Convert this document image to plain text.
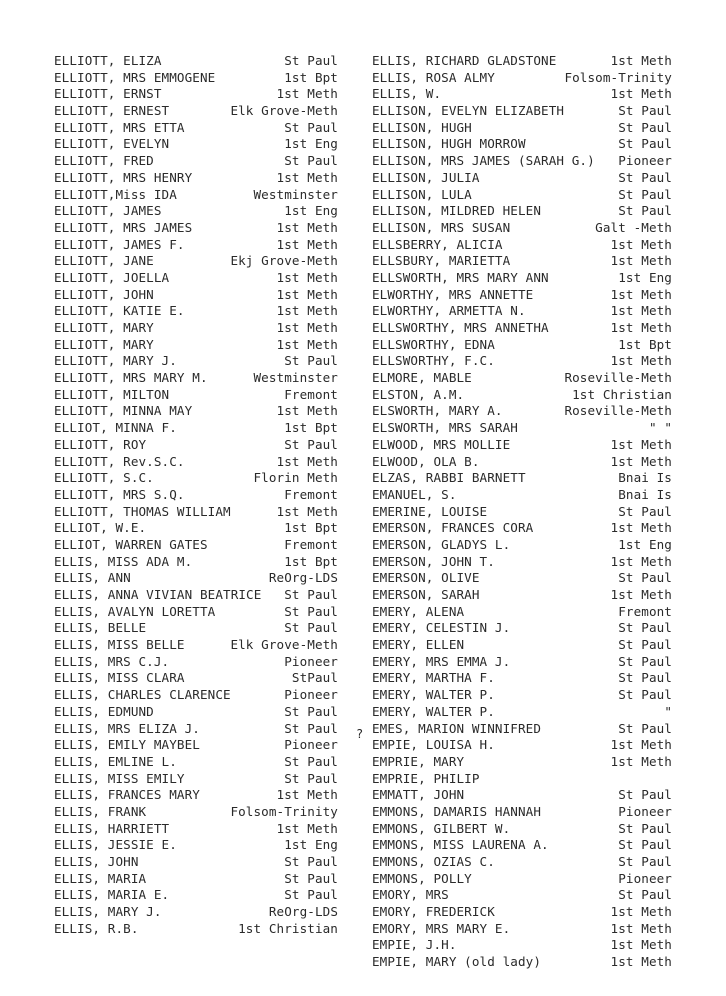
ELLIOTT, ELIZA	St Paul
ELLIOTT, MRS EMMOGENE	1st Bpt
ELLIOTT, ERNST	1st Meth
ELLIOTT, ERNEST	Elk Grove-Meth
ELLIOTT, MRS ETTA	St Paul
ELLIOTT, EVELYN	1st Eng
ELLIOTT, FRED	St Paul
ELLIOTT, MRS HENRY	1st Meth
ELLIOTT,Miss IDA	Westminster
ELLIOTT, JAMES	1st Eng
ELLIOTT, MRS JAMES	1st Meth
ELLIOTT, JAMES F.	1st Meth
ELLIOTT, JANE	Ekj Grove-Meth
ELLIOTT, JOELLA	1st Meth
ELLIOTT, JOHN	1st Meth
ELLIOTT, KATIE E.	1st Meth
ELLIOTT, MARY	1st Meth
ELLIOTT, MARY	1st Meth
ELLIOTT, MARY J.	St Paul
ELLIOTT, MRS MARY M.	Westminster
ELLIOTT, MILTON	Fremont
ELLIOTT, MINNA MAY	1st Meth
ELLIOT, MINNA F.	1st Bpt
ELLIOTT, ROY	St Paul
ELLIOTT, Rev.S.C.	1st Meth
ELLIOTT, S.C.	Florin Meth
ELLIOTT, MRS S.Q.	Fremont
ELLIOTT, THOMAS WILLIAM	1st Meth
ELLIOT, W.E.	1st Bpt
ELLIOT, WARREN GATES	Fremont
ELLIS, MISS ADA M.	1st Bpt
ELLIS, ANN	ReOrg-LDS
ELLIS, ANNA VIVIAN BEATRICE	St Paul
ELLIS, AVALYN LORETTA	St Paul
ELLIS, BELLE	St Paul
ELLIS, MISS BELLE	Elk Grove-Meth
ELLIS, MRS C.J.	Pioneer
ELLIS, MISS CLARA	StPaul
ELLIS, CHARLES CLARENCE	Pioneer
ELLIS, EDMUND	St Paul
ELLIS, MRS ELIZA J.	St Paul
ELLIS, EMILY MAYBEL	Pioneer
ELLIS, EMLINE L.	St Paul
ELLIS, MISS EMILY	St Paul
ELLIS, FRANCES MARY	1st Meth
ELLIS, FRANK	Folsom-Trinity
ELLIS, HARRIETT	1st Meth
ELLIS, JESSIE E.	1st Eng
ELLIS, JOHN	St Paul
ELLIS, MARIA	St Paul
ELLIS, MARIA E.	St Paul
ELLIS, MARY J.	ReOrg-LDS
ELLIS, R.B.	1st Christian
ELLIS, RICHARD GLADSTONE	1st Meth
ELLIS, ROSA ALMY	Folsom-Trinity
ELLIS, W.	1st Meth
ELLISON, EVELYN ELIZABETH	St Paul
ELLISON, HUGH	St Paul
ELLISON, HUGH MORROW	St Paul
ELLISON, MRS JAMES (SARAH G.)	Pioneer
ELLISON, JULIA	St Paul
ELLISON, LULA	St Paul
ELLISON, MILDRED HELEN	St Paul
ELLISON, MRS SUSAN	Galt -Meth
ELLSBERRY, ALICIA	1st Meth
ELLSBURY, MARIETTA	1st Meth
ELLSWORTH, MRS MARY ANN	1st Eng
ELWORTHY, MRS ANNETTE	1st Meth
ELWORTHY, ARMETTA N.	1st Meth
ELLSWORTHY, MRS ANNETHA	1st Meth
ELLSWORTHY, EDNA	1st Bpt
ELLSWORTHY, F.C.	1st Meth
ELMORE, MABLE	Roseville-Meth
ELSTON, A.M.	1st Christian
ELSWORTH, MARY A.	Roseville-Meth
ELSWORTH, MRS SARAH	" "
ELWOOD, MRS MOLLIE	1st Meth
ELWOOD, OLA B.	1st Meth
ELZAS, RABBI BARNETT	Bnai Is
EMANUEL, S.	Bnai Is
EMERINE, LOUISE	St Paul
EMERSON, FRANCES CORA	1st Meth
EMERSON, GLADYS L.	1st Eng
EMERSON, JOHN T.	1st Meth
EMERSON, OLIVE	St Paul
EMERSON, SARAH	1st Meth
EMERY, ALENA	Fremont
EMERY, CELESTIN J.	St Paul
EMERY, ELLEN	St Paul
EMERY, MRS EMMA J.	St Paul
EMERY, MARTHA F.	St Paul
EMERY, WALTER P.	St Paul
EMERY, WALTER P.	"
EMES, MARION WINNIFRED	St Paul
EMPIE, LOUISA H.	1st Meth
EMPRIE, MARY	1st Meth
EMPRIE, PHILIP
EMMATT, JOHN	St Paul
EMMONS, DAMARIS HANNAH	Pioneer
EMMONS, GILBERT W.	St Paul
EMMONS, MISS LAURENA A.	St Paul
EMMONS, OZIAS C.	St Paul
EMMONS, POLLY	Pioneer
EMORY, MRS	St Paul
EMORY, FREDERICK	1st Meth
EMORY, MRS MARY E.	1st Meth
EMPIE, J.H.	1st Meth
EMPIE, MARY (old lady)	1st Meth
?
